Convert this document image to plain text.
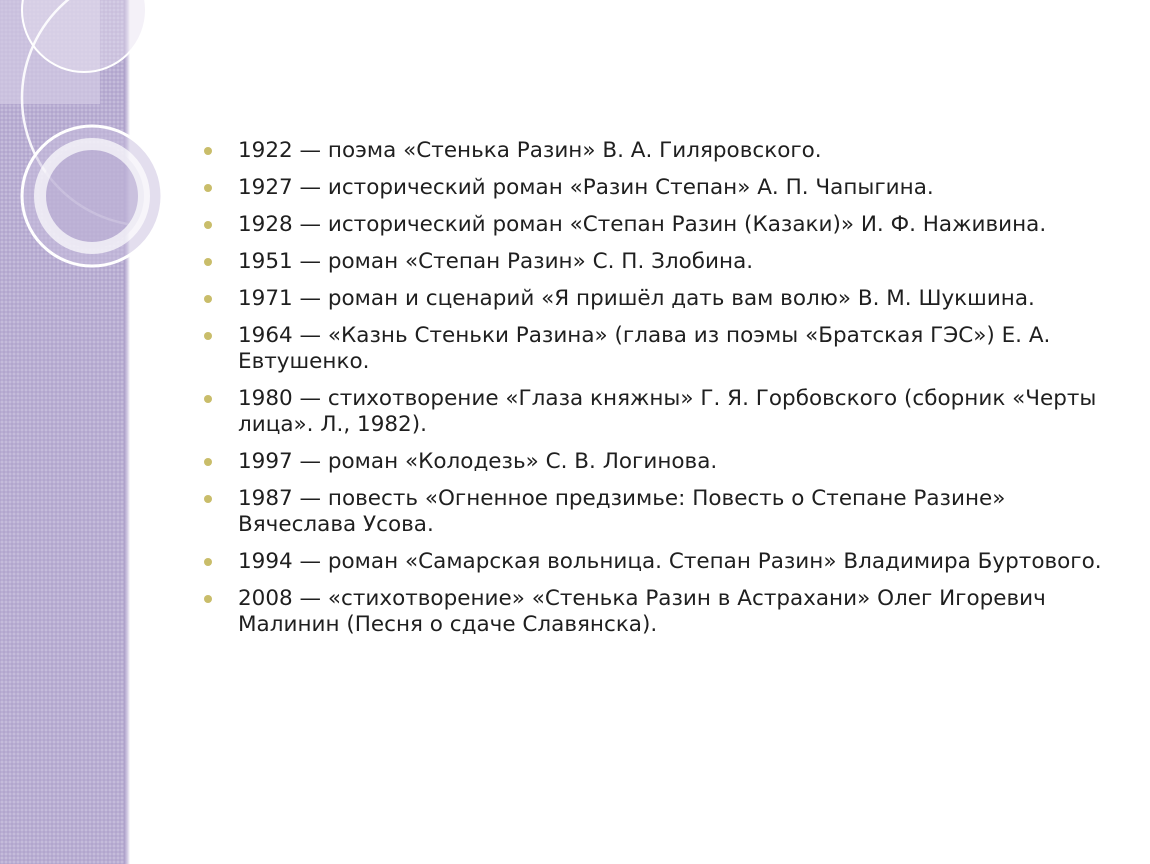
1922 — поэма «Стенька Разин» В. А. Гиляровского.
1927 — исторический роман «Разин Степан» А. П. Чапыгина.
1928 — исторический роман «Степан Разин (Казаки)» И. Ф. Наживина.
1951 — роман «Степан Разин» С. П. Злобина.
1971 — роман и сценарий «Я пришёл дать вам волю» В. М. Шукшина.
1964 — «Казнь Стеньки Разина» (глава из поэмы «Братская ГЭС») Е. А. Евтушенко.
1980 — стихотворение «Глаза княжны» Г. Я. Горбовского (сборник «Черты лица». Л., 1982).
1997 — роман «Колодезь» С. В. Логинова.
1987 — повесть «Огненное предзимье: Повесть о Степане Разине» Вячеслава Усова.
1994 — роман «Самарская вольница. Степан Разин» Владимира Буртового.
2008 — «стихотворение» «Стенька Разин в Астрахани» Олег Игоревич Малинин (Песня о сдаче Славянска).
